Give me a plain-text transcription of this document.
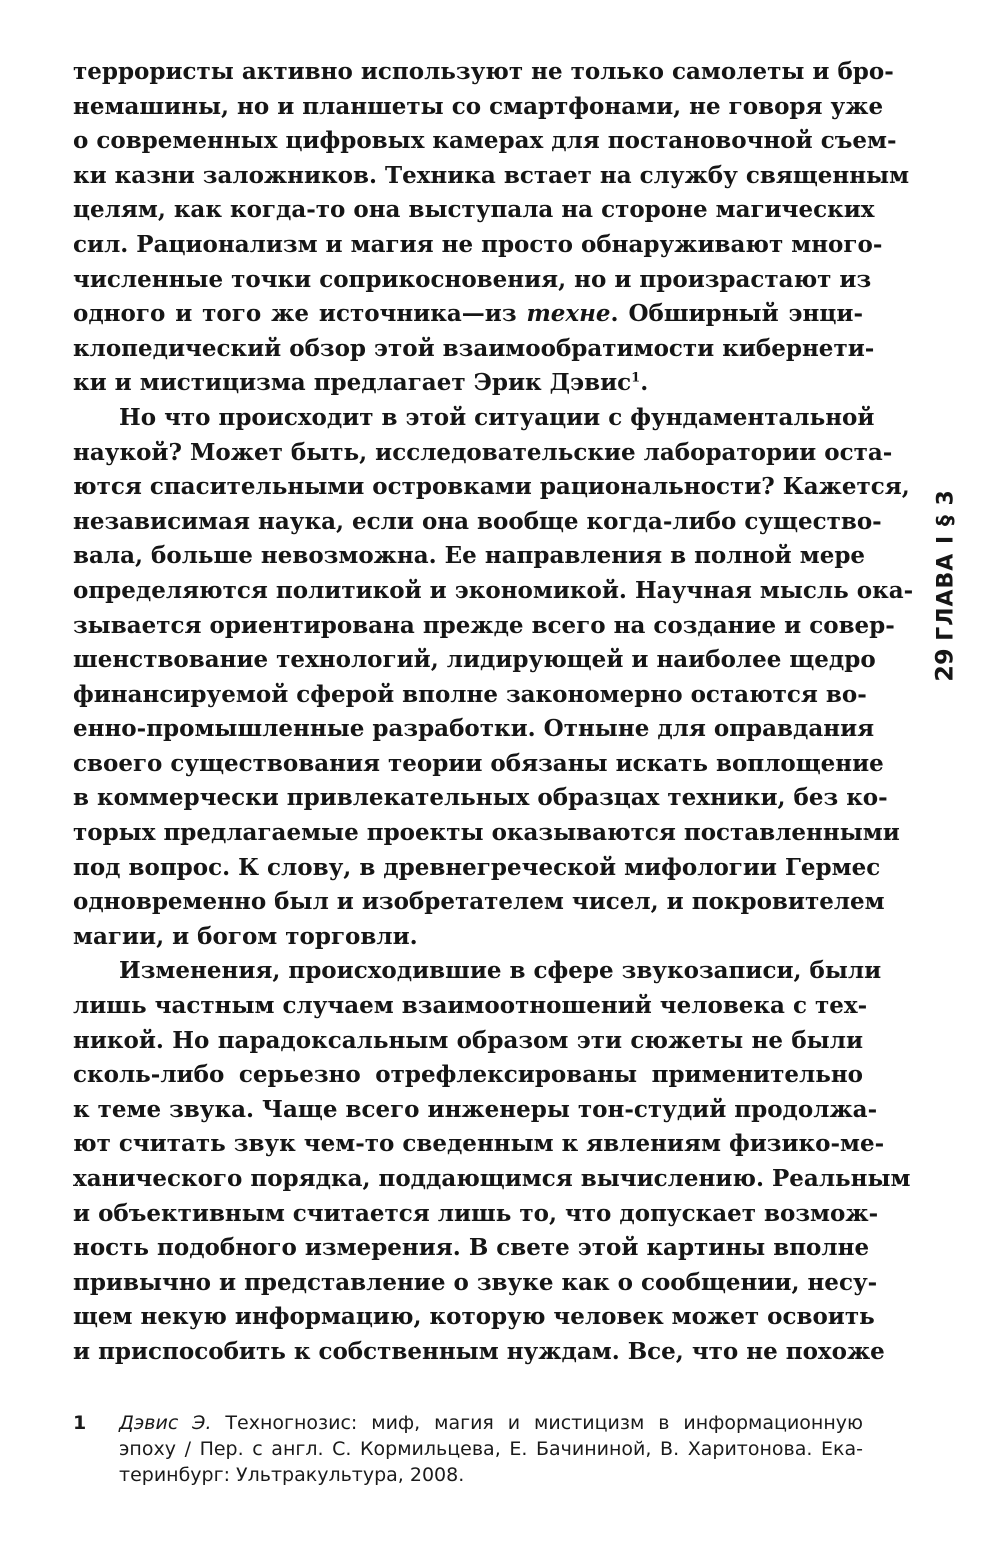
террористы активно используют не только самолеты и бро-
немашины, но и планшеты со смартфонами, не говоря уже
о современных цифровых камерах для постановочной съем-
ки казни заложников. Техника встает на службу священным
целям, как когда-то она выступала на стороне магических
сил. Рационализм и магия не просто обнаруживают много-
численные точки соприкосновения, но и произрастают из
одного и того же источника—из техне. Обширный энци-
клопедический обзор этой взаимообратимости кибернети-
ки и мистицизма предлагает Эрик Дэвис$^1$.
Но что происходит в этой ситуации с фундаментальной
наукой? Может быть, исследовательские лаборатории оста-
ются спасительными островками рациональности? Кажется,
независимая наука, если она вообще когда-либо существо-
вала, больше невозможна. Ее направления в полной мере
определяются политикой и экономикой. Научная мысль ока-
зывается ориентирована прежде всего на создание и совер-
шенствование технологий, лидирующей и наиболее щедро
финансируемой сферой вполне закономерно остаются во-
енно-промышленные разработки. Отныне для оправдания
своего существования теории обязаны искать воплощение
в коммерчески привлекательных образцах техники, без ко-
торых предлагаемые проекты оказываются поставленными
под вопрос. К слову, в древнегреческой мифологии Гермес
одновременно был и изобретателем чисел, и покровителем
магии, и богом торговли.
Изменения, происходившие в сфере звукозаписи, были
лишь частным случаем взаимоотношений человека с тех-
никой. Но парадоксальным образом эти сюжеты не были
сколь-либо серьезно отрефлексированы применительно
к теме звука. Чаще всего инженеры тон-студий продолжа-
ют считать звук чем-то сведенным к явлениям физико-ме-
ханического порядка, поддающимся вычислению. Реальным
и объективным считается лишь то, что допускает возмож-
ность подобного измерения. В свете этой картины вполне
привычно и представление о звуке как о сообщении, несу-
щем некую информацию, которую человек может освоить
и приспособить к собственным нуждам. Все, что не похоже
ГЛАВА I § 3
29
1 Дэвис Э. Техногнозис: миф, магия и мистицизм в информационную
эпоху / Пер. с англ. С. Кормильцева, Е. Бачининой, В. Харитонова. Ека-
теринбург: Ультракультура, 2008.
